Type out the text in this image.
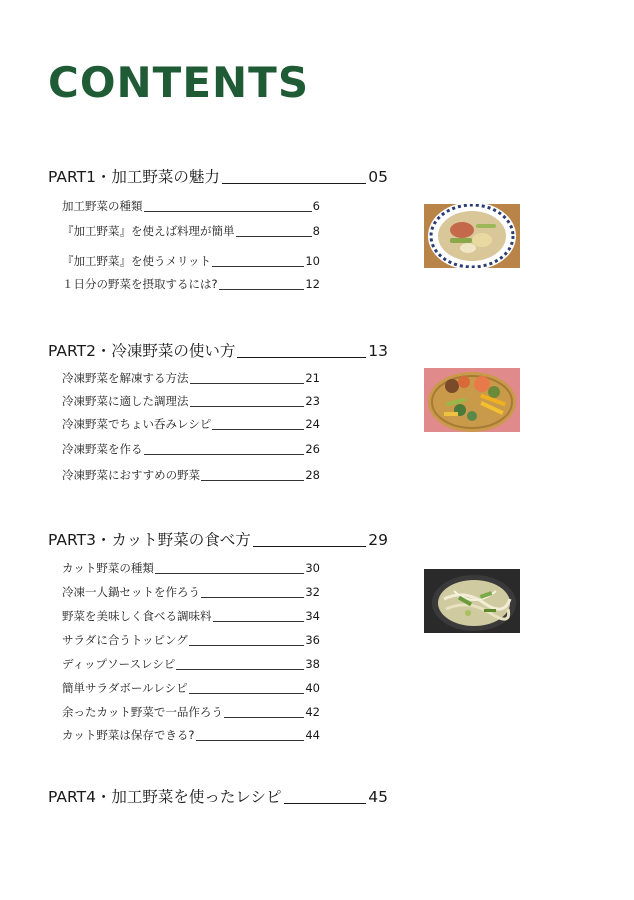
CONTENTS
PART1・加工野菜の魅力	05
加工野菜の種類	6
『加工野菜』を使えば料理が簡単	8
『加工野菜』を使うメリット	10
１日分の野菜を摂取するには?	12
PART2・冷凍野菜の使い方	13
冷凍野菜を解凍する方法	21
冷凍野菜に適した調理法	23
冷凍野菜でちょい呑みレシピ	24
冷凍野菜を作る	26
冷凍野菜におすすめの野菜	28
PART3・カット野菜の食べ方	29
カット野菜の種類	30
冷凍一人鍋セットを作ろう	32
野菜を美味しく食べる調味料	34
サラダに合うトッピング	36
ディップソースレシピ	38
簡単サラダボールレシピ	40
余ったカット野菜で一品作ろう	42
カット野菜は保存できる?	44
PART4・加工野菜を使ったレシピ	45
